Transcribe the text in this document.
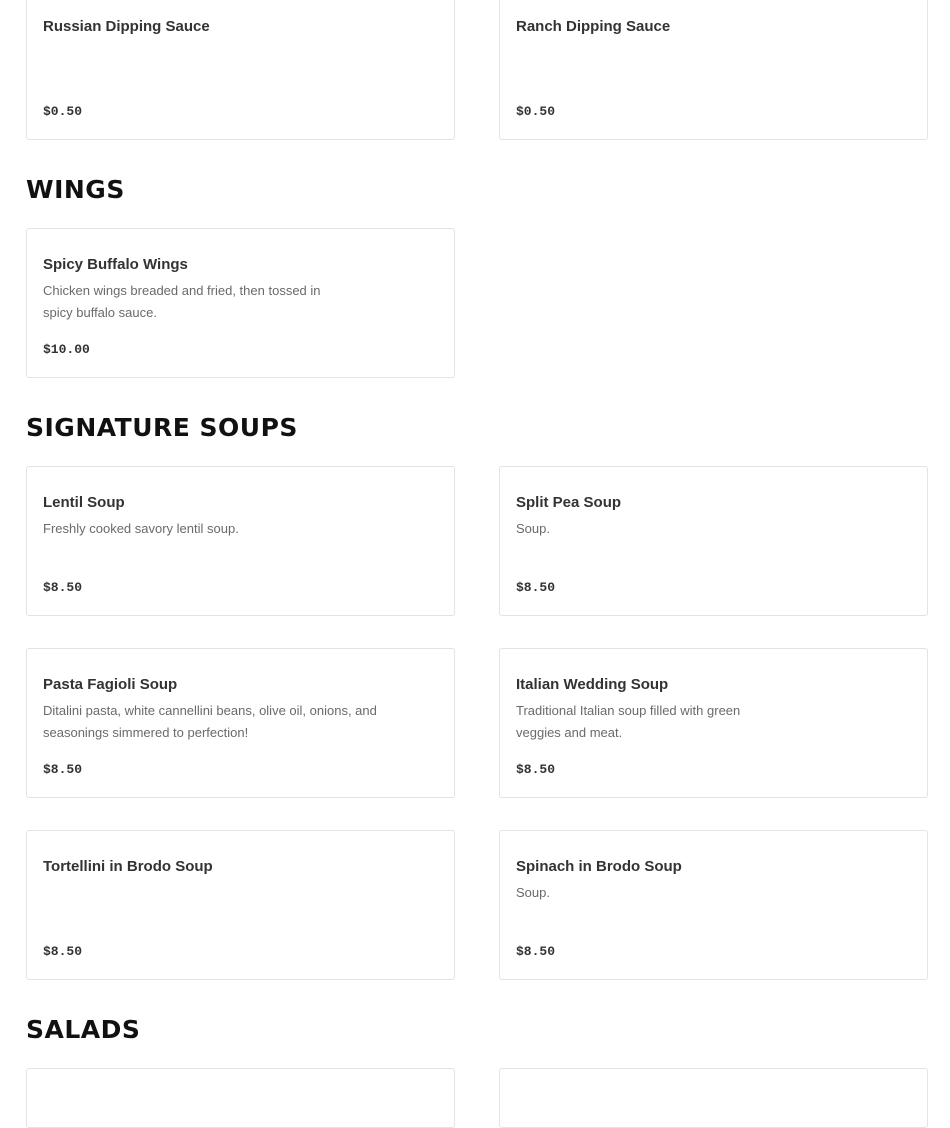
Russian Dipping Sauce

$0.50

Ranch Dipping Sauce

$0.50

WINGS

Spicy Buffalo Wings

Chicken wings breaded and fried, then tossed in spicy buffalo sauce.

$10.00

SIGNATURE SOUPS

Lentil Soup

Freshly cooked savory lentil soup.

$8.50

Split Pea Soup

Soup.

$8.50

Pasta Fagioli Soup

Ditalini pasta, white cannellini beans, olive oil, onions, and seasonings simmered to perfection!

$8.50

Italian Wedding Soup

Traditional Italian soup filled with green veggies and meat.

$8.50

Tortellini in Brodo Soup

$8.50

Spinach in Brodo Soup

Soup.

$8.50

SALADS
